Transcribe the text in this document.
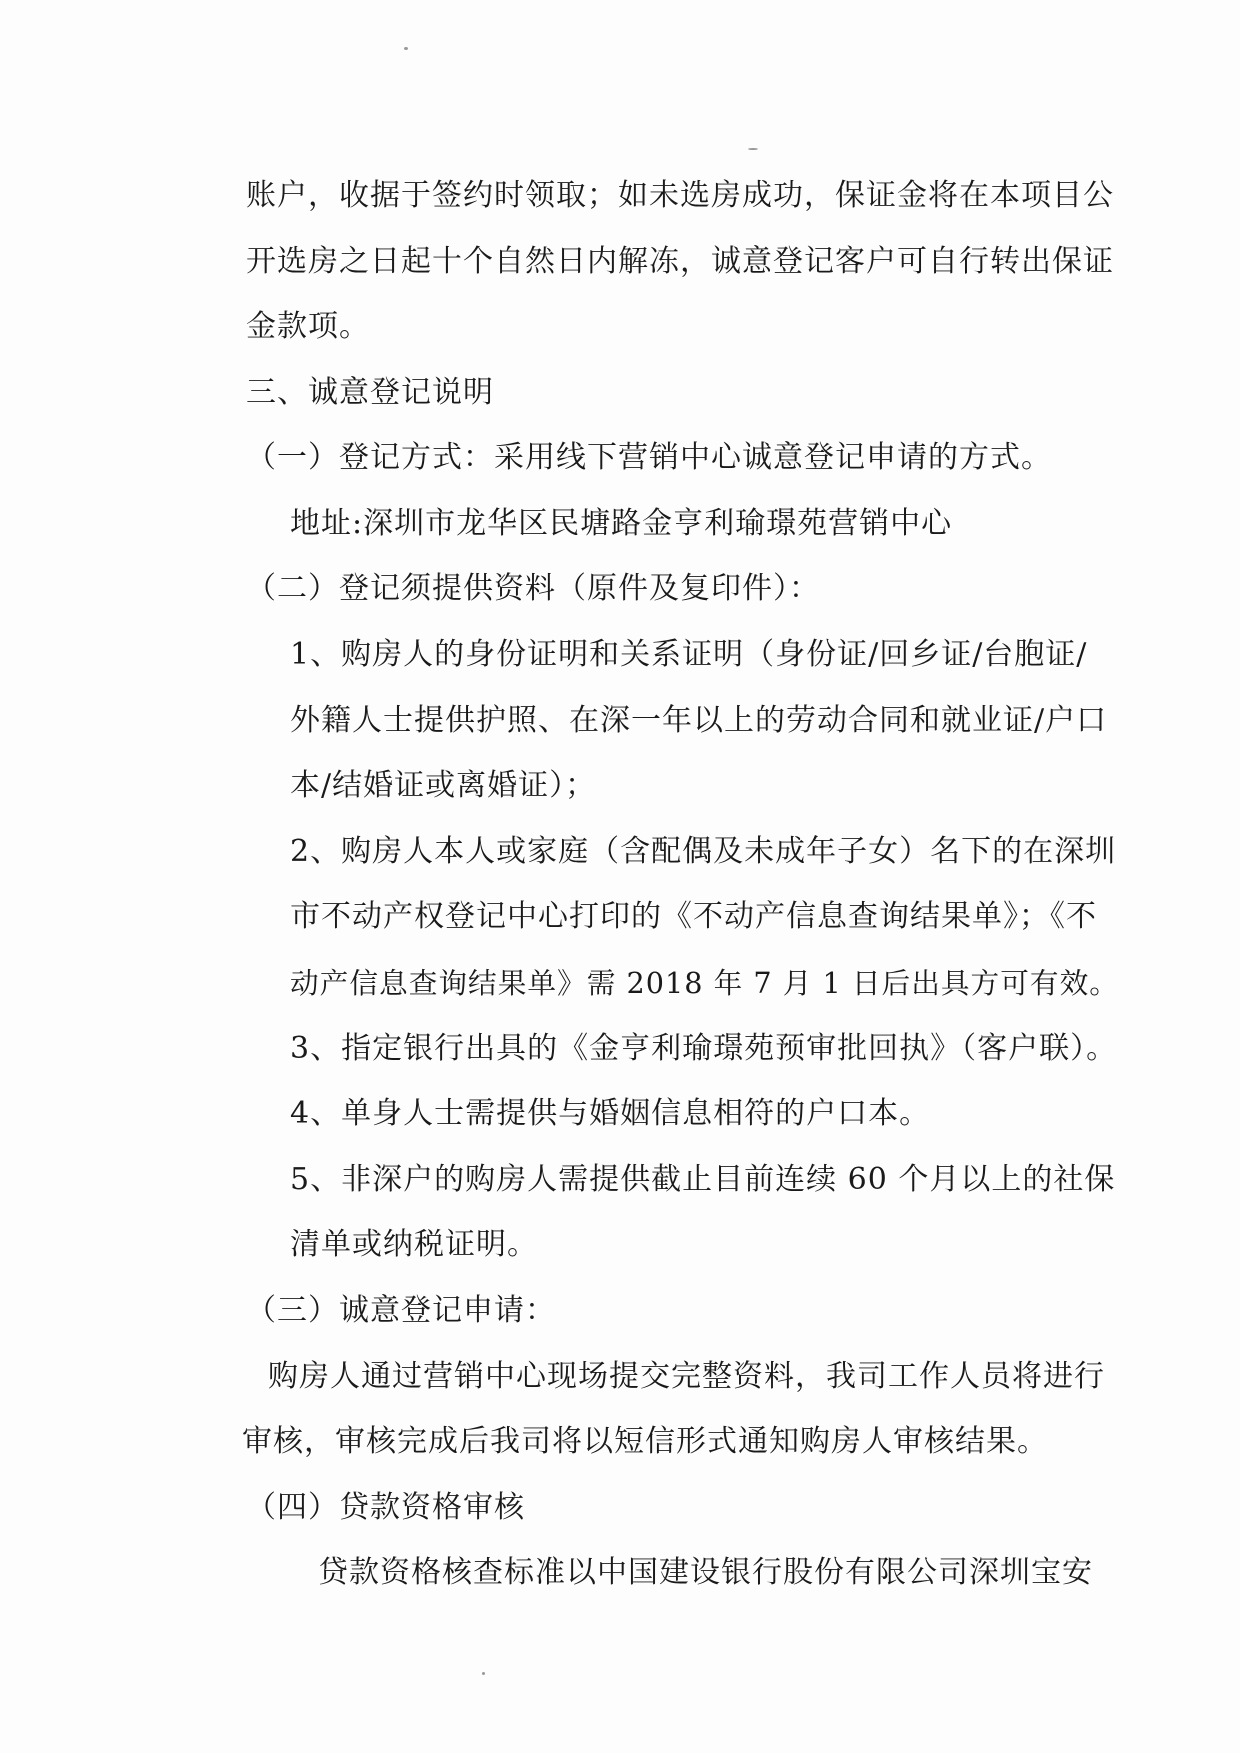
账户，收据于签约时领取；如未选房成功，保证金将在本项目公
开选房之日起十个自然日内解冻，诚意登记客户可自行转出保证
金款项。
三、诚意登记说明
（一）登记方式：采用线下营销中心诚意登记申请的方式。
地址:深圳市龙华区民塘路金亨利瑜璟苑营销中心
（二）登记须提供资料（原件及复印件）：
1、购房人的身份证明和关系证明（身份证/回乡证/台胞证/
外籍人士提供护照、在深一年以上的劳动合同和就业证/户口
本/结婚证或离婚证）；
2、购房人本人或家庭（含配偶及未成年子女）名下的在深圳
市不动产权登记中心打印的《不动产信息查询结果单》；《不
动产信息查询结果单》需 2018 年 7 月 1 日后出具方可有效。
3、指定银行出具的《金亨利瑜璟苑预审批回执》（客户联）。
4、单身人士需提供与婚姻信息相符的户口本。
5、非深户的购房人需提供截止目前连续 60 个月以上的社保
清单或纳税证明。
（三）诚意登记申请：
购房人通过营销中心现场提交完整资料，我司工作人员将进行
审核，审核完成后我司将以短信形式通知购房人审核结果。
（四）贷款资格审核
贷款资格核查标准以中国建设银行股份有限公司深圳宝安
